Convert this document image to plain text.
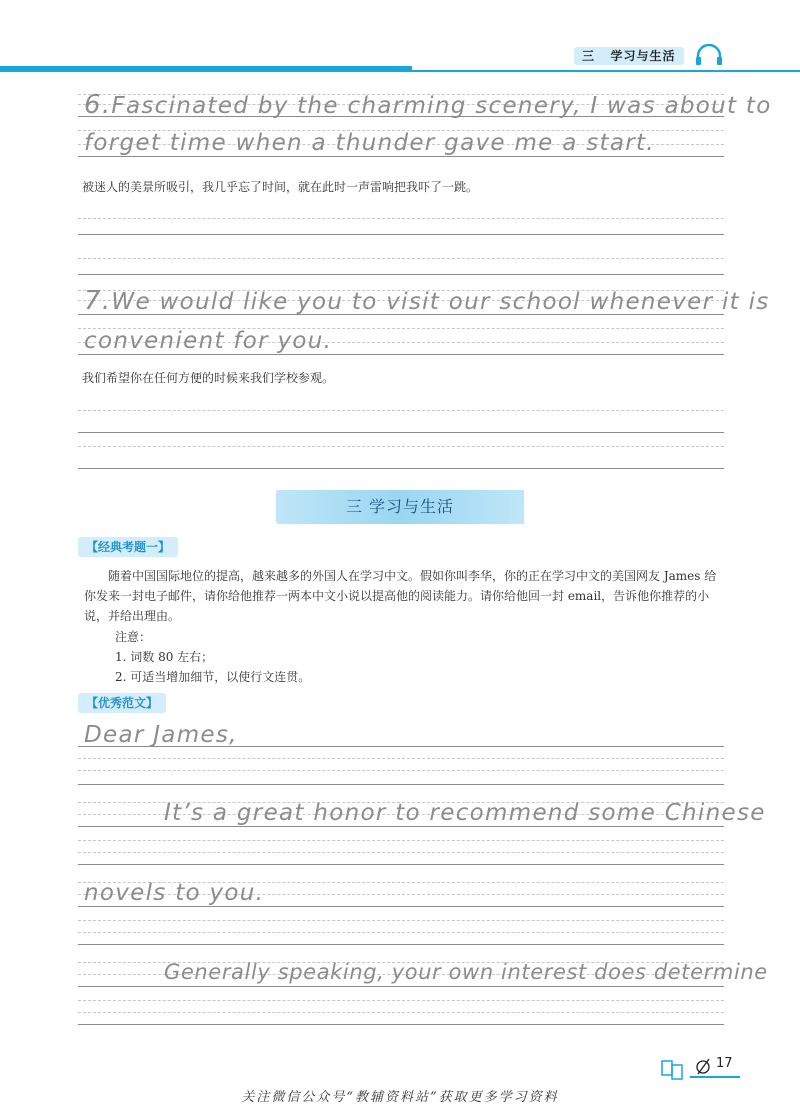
三   学习与生活
6.Fascinated by the charming scenery, I was about to
forget time when a thunder gave me a start.
被迷人的美景所吸引，我几乎忘了时间，就在此时一声雷响把我吓了一跳。
7.We would like you to visit our school whenever it is
convenient for you.
我们希望你在任何方便的时候来我们学校参观。
三 学习与生活
【经典考题一】
随着中国国际地位的提高，越来越多的外国人在学习中文。假如你叫李华，你的正在学习中文的美国网友 James 给你发来一封电子邮件，请你给他推荐一两本中文小说以提高他的阅读能力。请你给他回一封 email，告诉他你推荐的小说，并给出理由。
注意：
1. 词数 80 左右；
2. 可适当增加细节，以使行文连贯。
【优秀范文】
Dear James,
It’s a great honor to recommend some Chinese
novels to you.
Generally speaking, your own interest does determine
17
关注微信公众号“教辅资料站”获取更多学习资料
